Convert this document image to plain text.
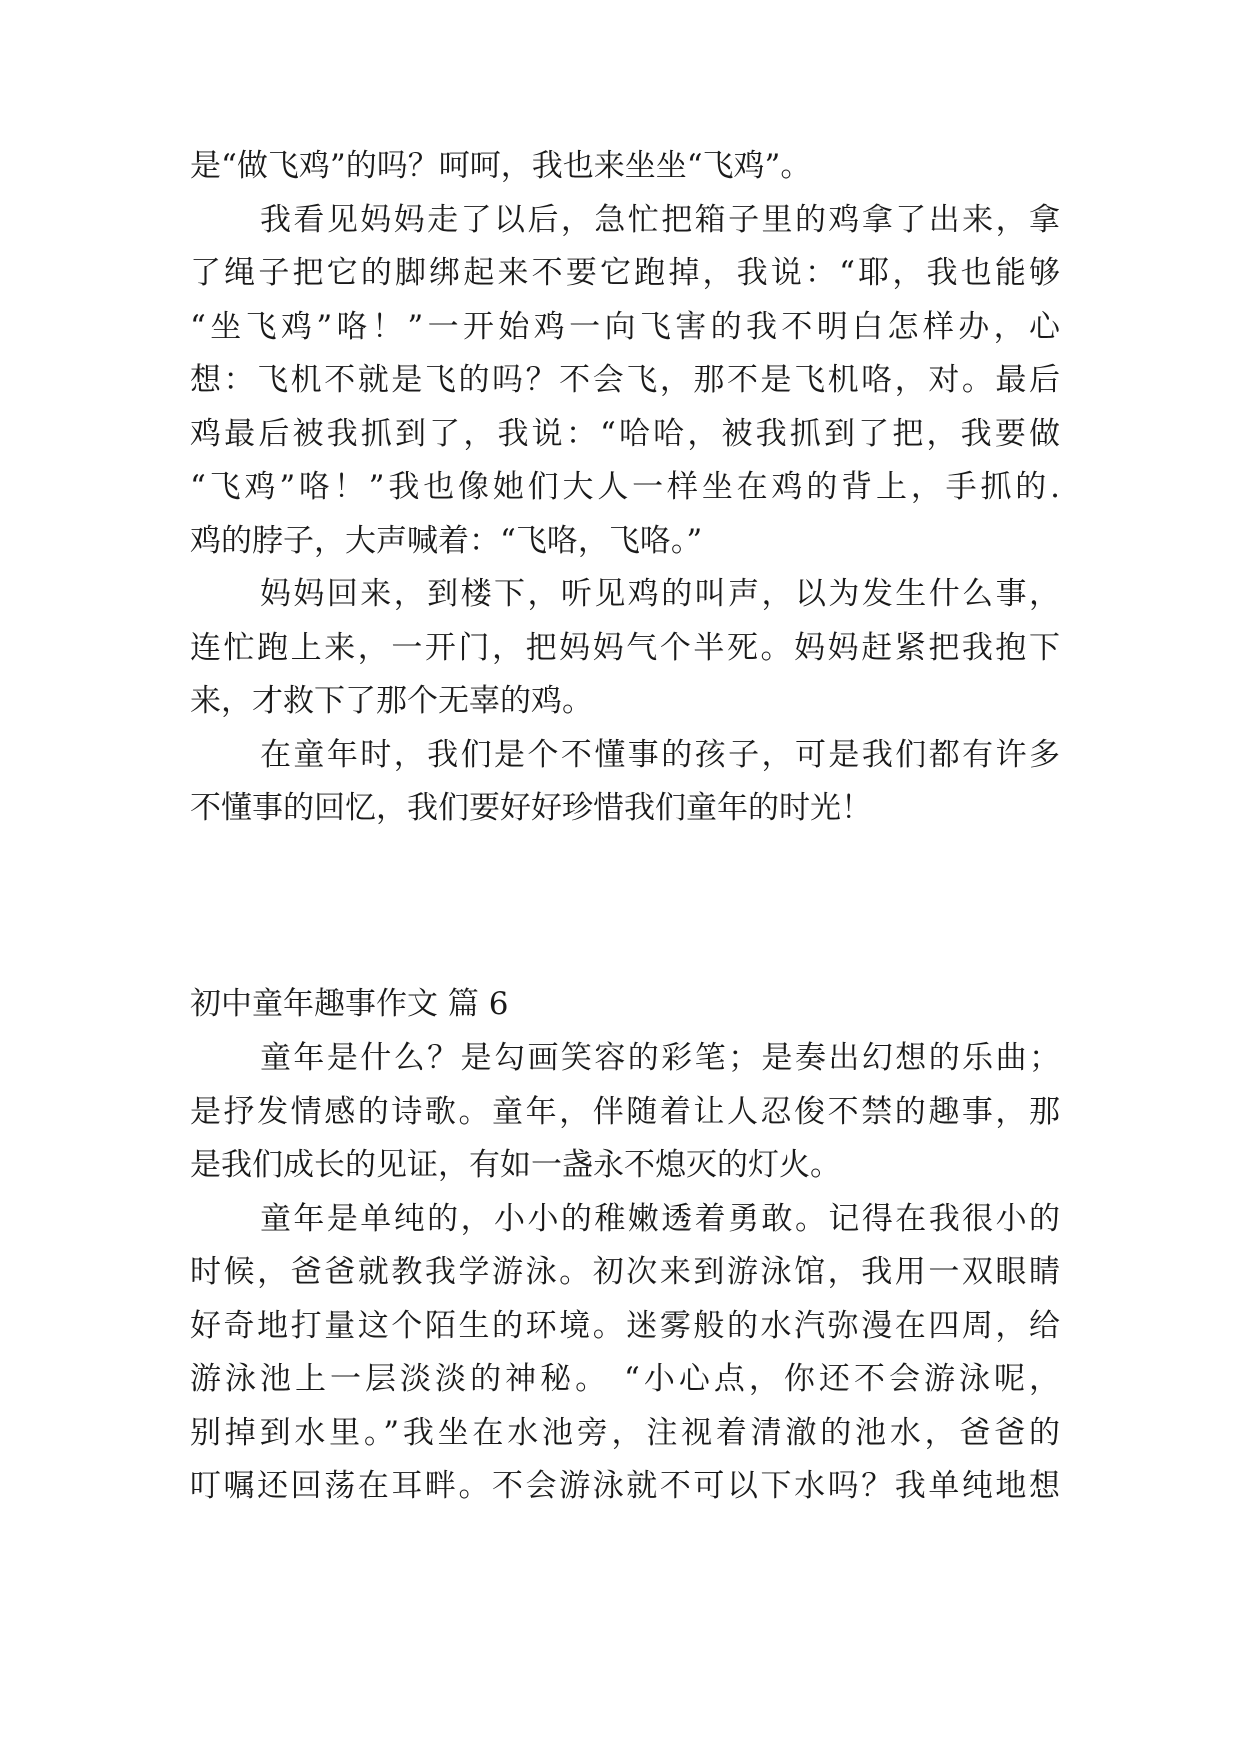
是“做飞鸡”的吗？呵呵，我也来坐坐“飞鸡”。
我看见妈妈走了以后，急忙把箱子里的鸡拿了出来，拿
了绳子把它的脚绑起来不要它跑掉，我说：“耶，我也能够
“坐飞鸡”咯！”一开始鸡一向飞害的我不明白怎样办，心
想：飞机不就是飞的吗？不会飞，那不是飞机咯，对。最后
鸡最后被我抓到了，我说：“哈哈，被我抓到了把，我要做
“飞鸡”咯！”我也像她们大人一样坐在鸡的背上，手抓的.
鸡的脖子，大声喊着：“飞咯，飞咯。”
妈妈回来，到楼下，听见鸡的叫声，以为发生什么事，
连忙跑上来，一开门，把妈妈气个半死。妈妈赶紧把我抱下
来，才救下了那个无辜的鸡。
在童年时，我们是个不懂事的孩子，可是我们都有许多
不懂事的回忆，我们要好好珍惜我们童年的时光！
初中童年趣事作文 篇 6
童年是什么？是勾画笑容的彩笔；是奏出幻想的乐曲；
是抒发情感的诗歌。童年，伴随着让人忍俊不禁的趣事，那
是我们成长的见证，有如一盏永不熄灭的灯火。
童年是单纯的，小小的稚嫩透着勇敢。记得在我很小的
时候，爸爸就教我学游泳。初次来到游泳馆，我用一双眼睛
好奇地打量这个陌生的环境。迷雾般的水汽弥漫在四周，给
游泳池上一层淡淡的神秘。 “小心点，你还不会游泳呢，
别掉到水里。”我坐在水池旁，注视着清澈的池水，爸爸的
叮嘱还回荡在耳畔。不会游泳就不可以下水吗？我单纯地想
